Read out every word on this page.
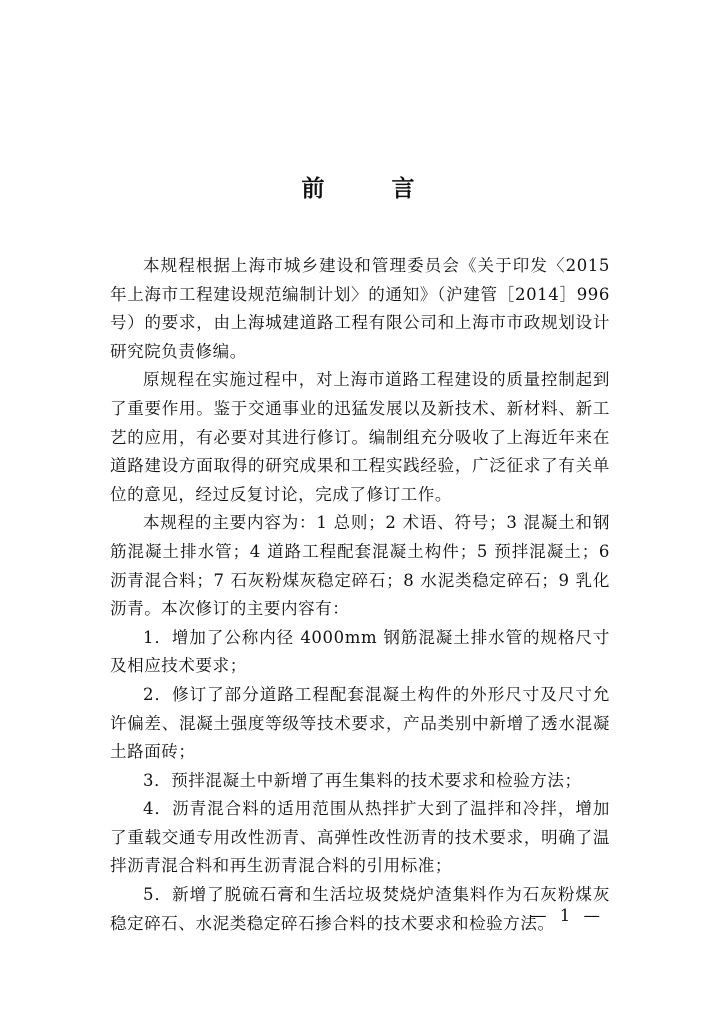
前　言

本规程根据上海市城乡建设和管理委员会《关于印发〈2015年上海市工程建设规范编制计划〉的通知》（沪建管［2014］996号）的要求，由上海城建道路工程有限公司和上海市市政规划设计研究院负责修编。

原规程在实施过程中，对上海市道路工程建设的质量控制起到了重要作用。鉴于交通事业的迅猛发展以及新技术、新材料、新工艺的应用，有必要对其进行修订。编制组充分吸收了上海近年来在道路建设方面取得的研究成果和工程实践经验，广泛征求了有关单位的意见，经过反复讨论，完成了修订工作。

本规程的主要内容为：1 总则；2 术语、符号；3 混凝土和钢筋混凝土排水管；4 道路工程配套混凝土构件；5 预拌混凝土；6 沥青混合料；7 石灰粉煤灰稳定碎石；8 水泥类稳定碎石；9 乳化沥青。本次修订的主要内容有：

1．增加了公称内径 4000mm 钢筋混凝土排水管的规格尺寸及相应技术要求；

2．修订了部分道路工程配套混凝土构件的外形尺寸及尺寸允许偏差、混凝土强度等级等技术要求，产品类别中新增了透水混凝土路面砖；

3．预拌混凝土中新增了再生集料的技术要求和检验方法；

4．沥青混合料的适用范围从热拌扩大到了温拌和冷拌，增加了重载交通专用改性沥青、高弹性改性沥青的技术要求，明确了温拌沥青混合料和再生沥青混合料的引用标准；

5．新增了脱硫石膏和生活垃圾焚烧炉渣集料作为石灰粉煤灰稳定碎石、水泥类稳定碎石掺合料的技术要求和检验方法。

— 1 —
